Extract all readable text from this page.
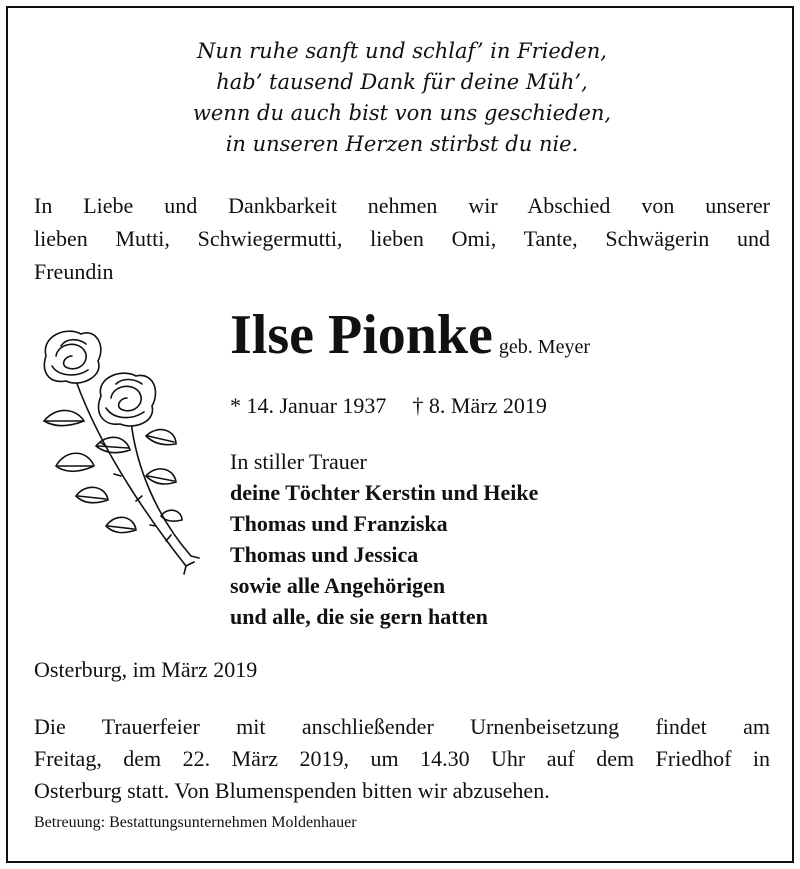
Nun ruhe sanft und schlaf’ in Frieden,
hab’ tausend Dank für deine Müh’,
wenn du auch bist von uns geschieden,
in unseren Herzen stirbst du nie.
In Liebe und Dankbarkeit nehmen wir Abschied von unserer
lieben Mutti, Schwiegermutti, lieben Omi, Tante, Schwägerin und
Freundin
Ilse Pionke geb. Meyer
* 14. Januar 1937 † 8. März 2019
In stiller Trauer
deine Töchter Kerstin und Heike
Thomas und Franziska
Thomas und Jessica
sowie alle Angehörigen
und alle, die sie gern hatten
Osterburg, im März 2019
Die Trauerfeier mit anschließender Urnenbeisetzung findet am
Freitag, dem 22. März 2019, um 14.30 Uhr auf dem Friedhof in
Osterburg statt. Von Blumenspenden bitten wir abzusehen.
Betreuung: Bestattungsunternehmen Moldenhauer
